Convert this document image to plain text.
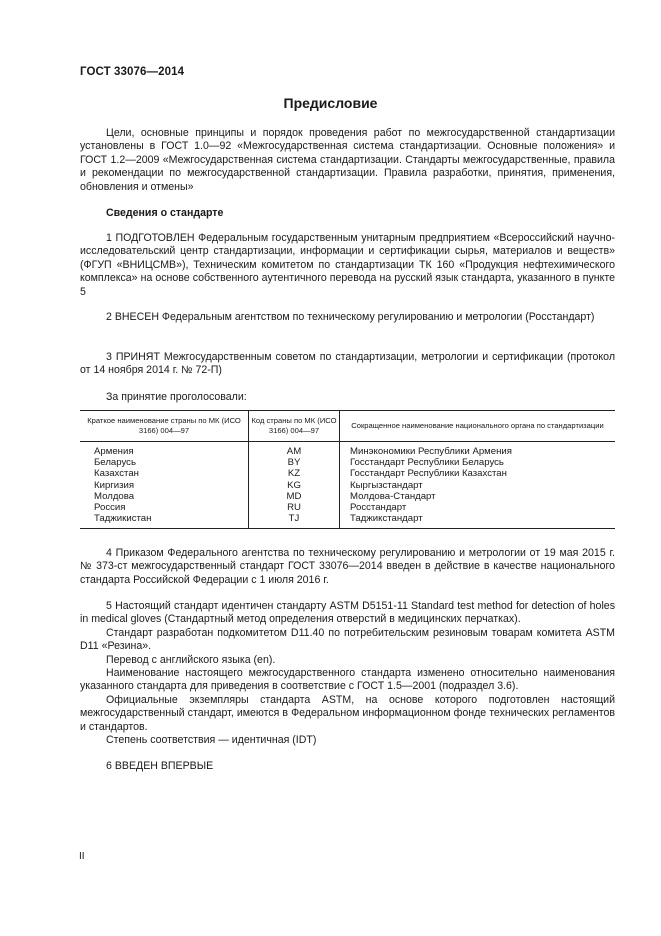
ГОСТ 33076—2014
Предисловие

Цели, основные принципы и порядок проведения работ по межгосударственной стандартизации установлены в ГОСТ 1.0—92 «Межгосударственная система стандартизации. Основные положения» и ГОСТ 1.2—2009 «Межгосударственная система стандартизации. Стандарты межгосударственные, правила и рекомендации по межгосударственной стандартизации. Правила разработки, принятия, применения, обновления и отмены»

Сведения о стандарте

1 ПОДГОТОВЛЕН Федеральным государственным унитарным предприятием «Всероссийский научно-исследовательский центр стандартизации, информации и сертификации сырья, материалов и веществ» (ФГУП «ВНИЦСМВ»), Техническим комитетом по стандартизации ТК 160 «Продукция нефтехимического комплекса» на основе собственного аутентичного перевода на русский язык стандарта, указанного в пункте 5

2 ВНЕСЕН Федеральным агентством по техническому регулированию и метрологии (Росстандарт)

3 ПРИНЯТ Межгосударственным советом по стандартизации, метрологии и сертификации (протокол от 14 ноября 2014 г. № 72-П)

За принятие проголосовали:
Краткое наименование страны по МК (ИСО 3166) 004—97	Код страны по МК (ИСО 3166) 004—97	Сокращенное наименование национального органа по стандартизации
Армения	AM	Минэкономики Республики Армения
Беларусь	BY	Госстандарт Республики Беларусь
Казахстан	KZ	Госстандарт Республики Казахстан
Киргизия	KG	Кыргызстандарт
Молдова	MD	Молдова-Стандарт
Россия	RU	Росстандарт
Таджикистан	TJ	Таджикстандарт

4 Приказом Федерального агентства по техническому регулированию и метрологии от 19 мая 2015 г. № 373-ст межгосударственный стандарт ГОСТ 33076—2014 введен в действие в качестве национального стандарта Российской Федерации с 1 июля 2016 г.

5 Настоящий стандарт идентичен стандарту ASTM D5151-11 Standard test method for detection of holes in medical gloves (Стандартный метод определения отверстий в медицинских перчатках).

Стандарт разработан подкомитетом D11.40 по потребительским резиновым товарам комитета ASTM D11 «Резина».

Перевод с английского языка (en).

Наименование настоящего межгосударственного стандарта изменено относительно наименования указанного стандарта для приведения в соответствие с ГОСТ 1.5—2001 (подраздел 3.6).

Официальные экземпляры стандарта ASTM, на основе которого подготовлен настоящий межгосударственный стандарт, имеются в Федеральном информационном фонде технических регламентов и стандартов.

Степень соответствия — идентичная (IDT)

6 ВВЕДЕН ВПЕРВЫЕ

II
